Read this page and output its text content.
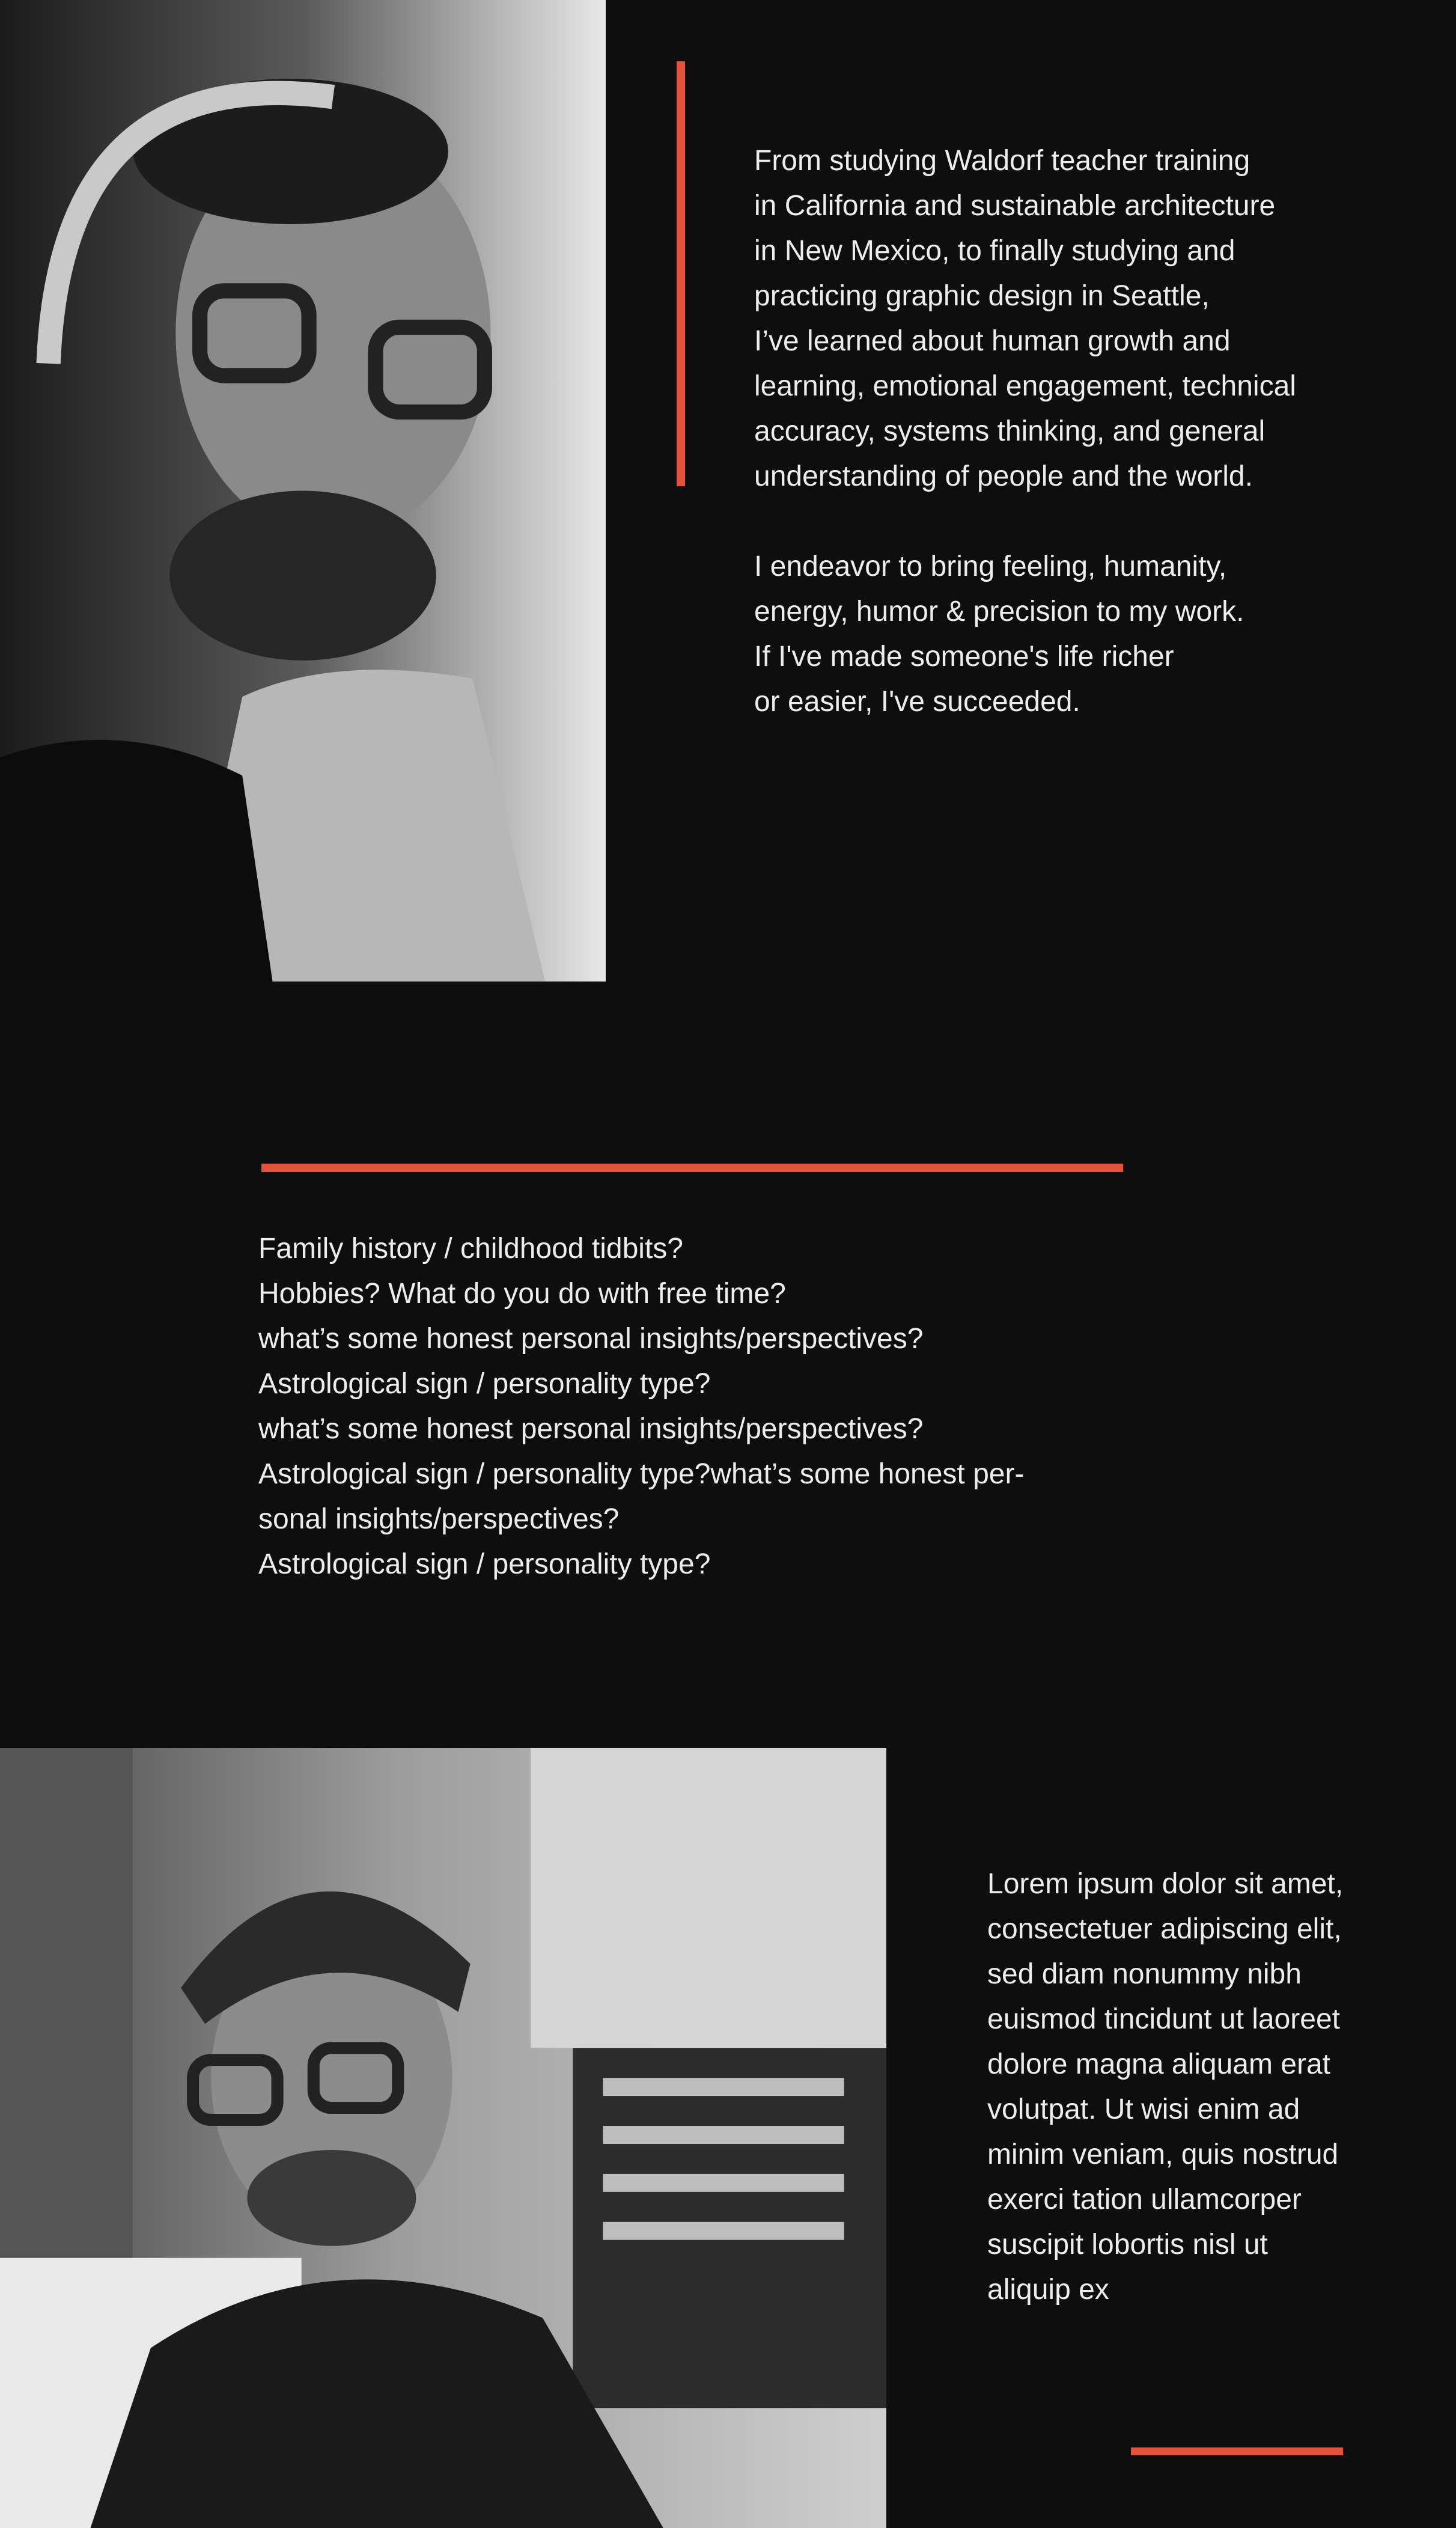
From studying Waldorf teacher training
in California and sustainable architecture
in New Mexico, to finally studying and
practicing graphic design in Seattle,
I’ve learned about human growth and
learning, emotional engagement, technical
accuracy, systems thinking, and general
understanding of people and the world.
I endeavor to bring feeling, humanity,
energy, humor & precision to my work.
If I've made someone's life richer
or easier, I've succeeded.
Family history / childhood tidbits?
Hobbies? What do you do with free time?
what’s some honest personal insights/perspectives?
Astrological sign / personality type?
what’s some honest personal insights/perspectives?
Astrological sign / personality type?what’s some honest per-
sonal insights/perspectives?
Astrological sign / personality type?
Lorem ipsum dolor sit amet,
consectetuer adipiscing elit,
sed diam nonummy nibh
euismod tincidunt ut laoreet
dolore magna aliquam erat
volutpat. Ut wisi enim ad
minim veniam, quis nostrud
exerci tation ullamcorper
suscipit lobortis nisl ut
aliquip ex
